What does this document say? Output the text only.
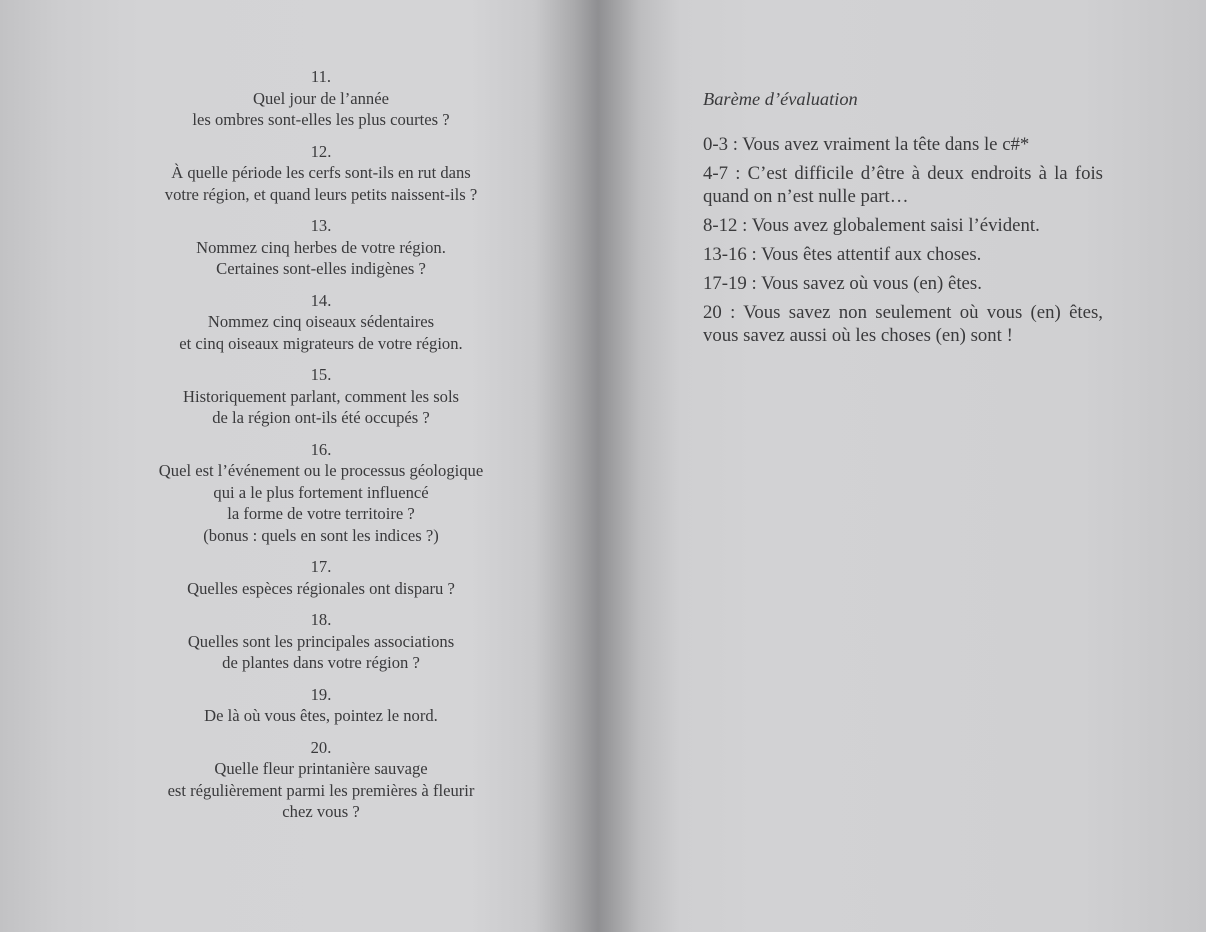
11.
Quel jour de l’année
les ombres sont-elles les plus courtes ?
12.
À quelle période les cerfs sont-ils en rut dans
votre région, et quand leurs petits naissent-ils ?
13.
Nommez cinq herbes de votre région.
Certaines sont-elles indigènes ?
14.
Nommez cinq oiseaux sédentaires
et cinq oiseaux migrateurs de votre région.
15.
Historiquement parlant, comment les sols
de la région ont-ils été occupés ?
16.
Quel est l’événement ou le processus géologique
qui a le plus fortement influencé
la forme de votre territoire ?
(bonus : quels en sont les indices ?)
17.
Quelles espèces régionales ont disparu ?
18.
Quelles sont les principales associations
de plantes dans votre région ?
19.
De là où vous êtes, pointez le nord.
20.
Quelle fleur printanière sauvage
est régulièrement parmi les premières à fleurir
chez vous ?
Barème d’évaluation
0-3 : Vous avez vraiment la tête dans le c#*
4-7 : C’est difficile d’être à deux endroits à la fois quand on n’est nulle part…
8-12 : Vous avez globalement saisi l’évident.
13-16 : Vous êtes attentif aux choses.
17-19 : Vous savez où vous (en) êtes.
20 : Vous savez non seulement où vous (en) êtes, vous savez aussi où les choses (en) sont !
